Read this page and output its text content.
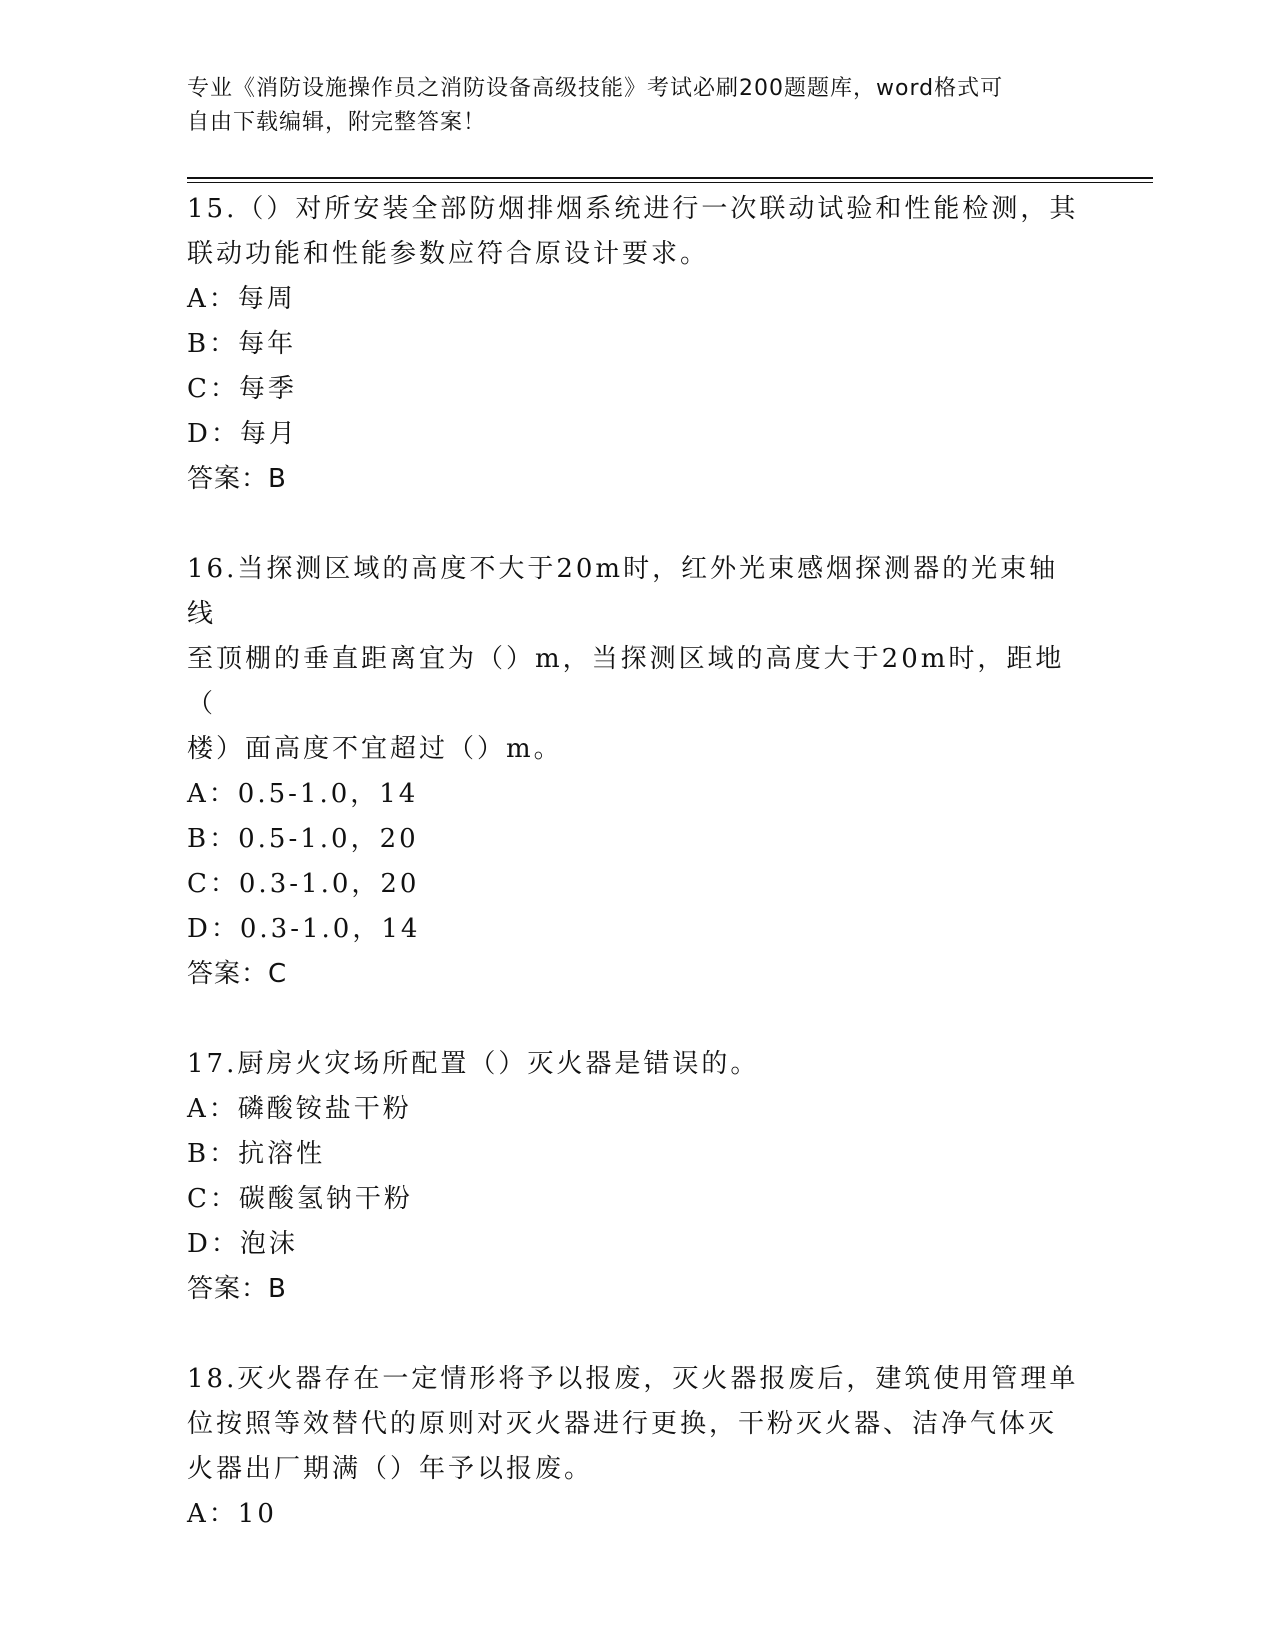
专业《消防设施操作员之消防设备高级技能》考试必刷200题题库，word格式可
自由下载编辑，附完整答案！
15.（）对所安装全部防烟排烟系统进行一次联动试验和性能检测，其
联动功能和性能参数应符合原设计要求。
A：每周
B：每年
C：每季
D：每月
答案：B
16.当探测区域的高度不大于20m时，红外光束感烟探测器的光束轴线
至顶棚的垂直距离宜为（）m，当探测区域的高度大于20m时，距地（
楼）面高度不宜超过（）m。
A：0.5-1.0，14
B：0.5-1.0，20
C：0.3-1.0，20
D：0.3-1.0，14
答案：C
17.厨房火灾场所配置（）灭火器是错误的。
A：磷酸铵盐干粉
B：抗溶性
C：碳酸氢钠干粉
D：泡沫
答案：B
18.灭火器存在一定情形将予以报废，灭火器报废后，建筑使用管理单
位按照等效替代的原则对灭火器进行更换，干粉灭火器、洁净气体灭
火器出厂期满（）年予以报废。
A：10
